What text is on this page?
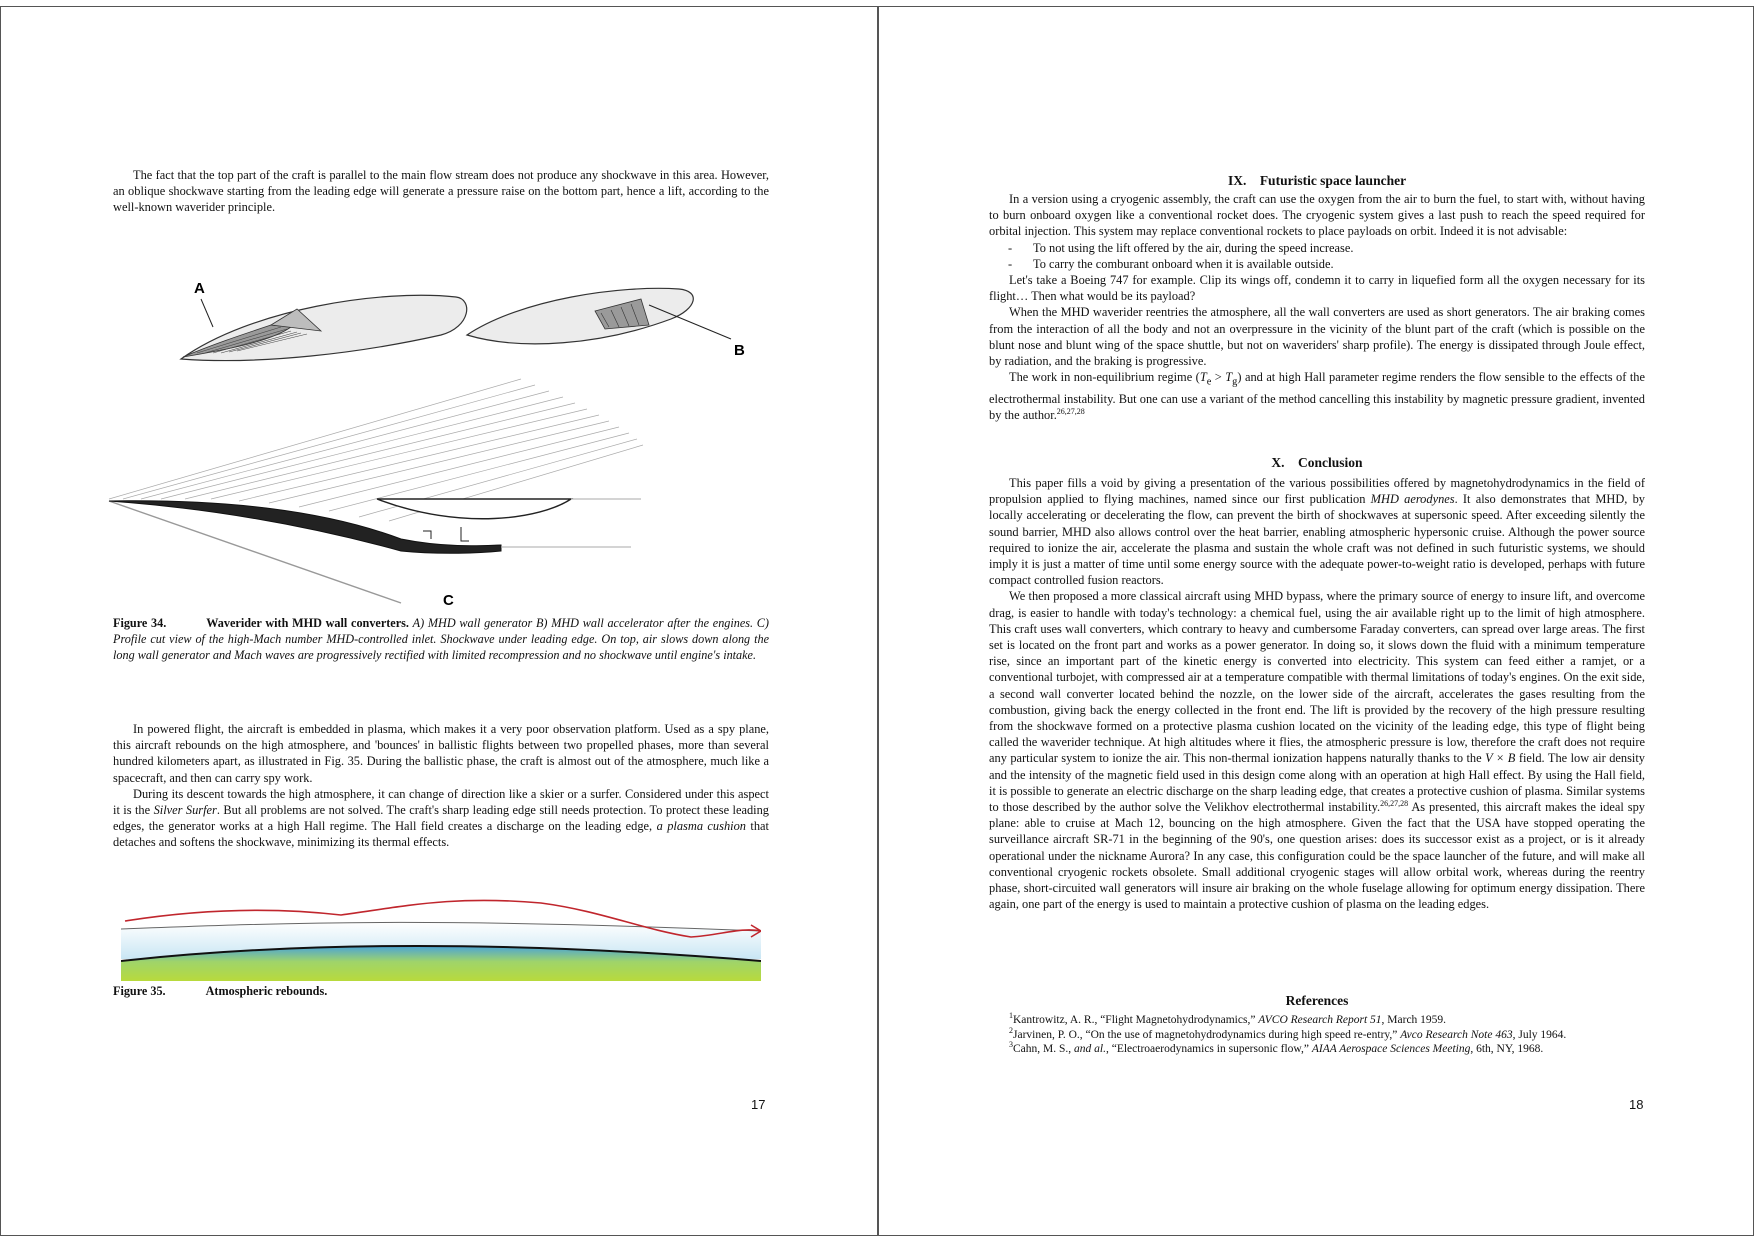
The fact that the top part of the craft is parallel to the main flow stream does not produce any shockwave in this area. However, an oblique shockwave starting from the leading edge will generate a pressure raise on the bottom part, hence a lift, according to the well-known waverider principle.

A
B
C
Figure 34.	Waverider with MHD wall converters. A) MHD wall generator B) MHD wall accelerator after the engines. C) Profile cut view of the high-Mach number MHD-controlled inlet. Shockwave under leading edge. On top, air slows down along the long wall generator and Mach waves are progressively rectified with limited recompression and no shockwave until engine's intake.

In powered flight, the aircraft is embedded in plasma, which makes it a very poor observation platform. Used as a spy plane, this aircraft rebounds on the high atmosphere, and 'bounces' in ballistic flights between two propelled phases, more than several hundred kilometers apart, as illustrated in Fig. 35. During the ballistic phase, the craft is almost out of the atmosphere, much like a spacecraft, and then can carry spy work.

During its descent towards the high atmosphere, it can change of direction like a skier or a surfer. Considered under this aspect it is the Silver Surfer. But all problems are not solved. The craft's sharp leading edge still needs protection. To protect these leading edges, the generator works at a high Hall regime. The Hall field creates a discharge on the leading edge, a plasma cushion that detaches and softens the shockwave, minimizing its thermal effects.

Figure 35.	Atmospheric rebounds.
17
IX. Futuristic space launcher

In a version using a cryogenic assembly, the craft can use the oxygen from the air to burn the fuel, to start with, without having to burn onboard oxygen like a conventional rocket does. The cryogenic system gives a last push to reach the speed required for orbital injection. This system may replace conventional rockets to place payloads on orbit. Indeed it is not advisable:

- To not using the lift offered by the air, during the speed increase.
- To carry the comburant onboard when it is available outside.

Let's take a Boeing 747 for example. Clip its wings off, condemn it to carry in liquefied form all the oxygen necessary for its flight… Then what would be its payload?

When the MHD waverider reentries the atmosphere, all the wall converters are used as short generators. The air braking comes from the interaction of all the body and not an overpressure in the vicinity of the blunt part of the craft (which is possible on the blunt nose and blunt wing of the space shuttle, but not on waveriders' sharp profile). The energy is dissipated through Joule effect, by radiation, and the braking is progressive.

The work in non-equilibrium regime $(T_e > T_g)$ and at high Hall parameter regime renders the flow sensible to the effects of the electrothermal instability. But one can use a variant of the method cancelling this instability by magnetic pressure gradient, invented by the author.$^{26,27,28}$

X. Conclusion

This paper fills a void by giving a presentation of the various possibilities offered by magnetohydrodynamics in the field of propulsion applied to flying machines, named since our first publication MHD aerodynes. It also demonstrates that MHD, by locally accelerating or decelerating the flow, can prevent the birth of shockwaves at supersonic speed. After exceeding silently the sound barrier, MHD also allows control over the heat barrier, enabling atmospheric hypersonic cruise. Although the power source required to ionize the air, accelerate the plasma and sustain the whole craft was not defined in such futuristic systems, we should imply it is just a matter of time until some energy source with the adequate power-to-weight ratio is developed, perhaps with future compact controlled fusion reactors.

We then proposed a more classical aircraft using MHD bypass, where the primary source of energy to insure lift, and overcome drag, is easier to handle with today's technology: a chemical fuel, using the air available right up to the limit of high atmosphere. This craft uses wall converters, which contrary to heavy and cumbersome Faraday converters, can spread over large areas. The first set is located on the front part and works as a power generator. In doing so, it slows down the fluid with a minimum temperature rise, since an important part of the kinetic energy is converted into electricity. This system can feed either a ramjet, or a conventional turbojet, with compressed air at a temperature compatible with thermal limitations of today's engines. On the exit side, a second wall converter located behind the nozzle, on the lower side of the aircraft, accelerates the gases resulting from the combustion, giving back the energy collected in the front end. The lift is provided by the recovery of the high pressure resulting from the shockwave formed on a protective plasma cushion located on the vicinity of the leading edge, this type of flight being called the waverider technique. At high altitudes where it flies, the atmospheric pressure is low, therefore the craft does not require any particular system to ionize the air. This non-thermal ionization happens naturally thanks to the V × B field. The low air density and the intensity of the magnetic field used in this design come along with an operation at high Hall effect. By using the Hall field, it is possible to generate an electric discharge on the sharp leading edge, that creates a protective cushion of plasma. Similar systems to those described by the author solve the Velikhov electrothermal instability.$^{26,27,28}$ As presented, this aircraft makes the ideal spy plane: able to cruise at Mach 12, bouncing on the high atmosphere. Given the fact that the USA have stopped operating the surveillance aircraft SR-71 in the beginning of the 90's, one question arises: does its successor exist as a project, or is it already operational under the nickname Aurora? In any case, this configuration could be the space launcher of the future, and will make all conventional cryogenic rockets obsolete. Small additional cryogenic stages will allow orbital work, whereas during the reentry phase, short-circuited wall generators will insure air braking on the whole fuselage allowing for optimum energy dissipation. There again, one part of the energy is used to maintain a protective cushion of plasma on the leading edges.

References
$^1$Kantrowitz, A. R., “Flight Magnetohydrodynamics,” AVCO Research Report 51, March 1959.
$^2$Jarvinen, P. O., “On the use of magnetohydrodynamics during high speed re-entry,” Avco Research Note 463, July 1964.
$^3$Cahn, M. S., and al., “Electroaerodynamics in supersonic flow,” AIAA Aerospace Sciences Meeting, 6th, NY, 1968.
18
